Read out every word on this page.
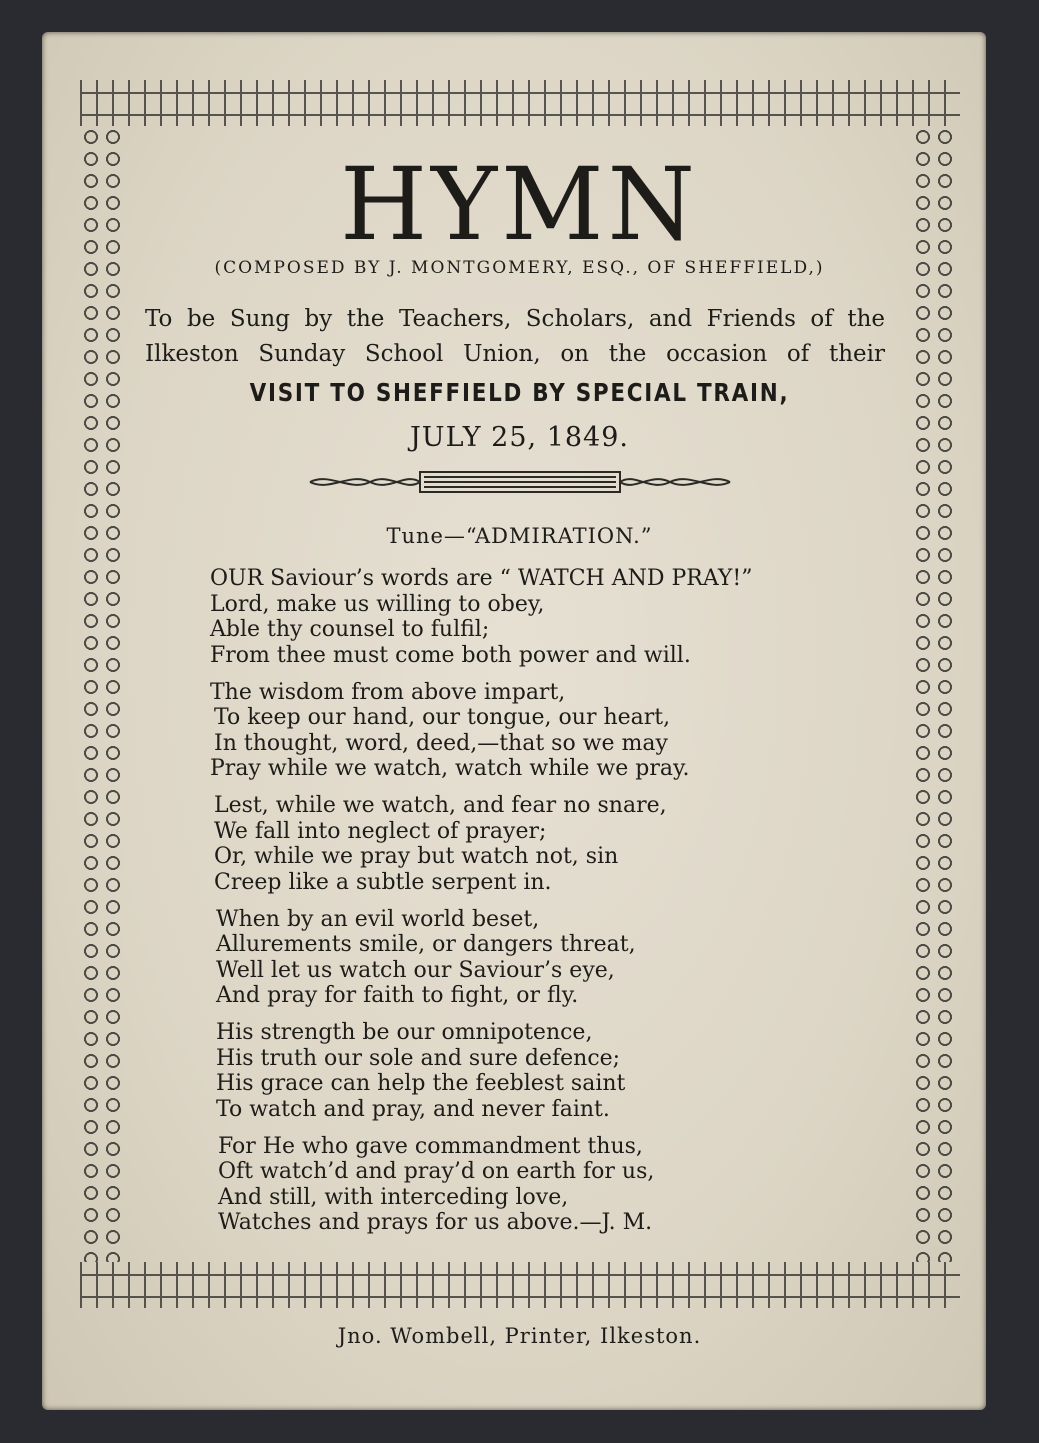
HYMN
(COMPOSED BY J. MONTGOMERY, ESQ., OF SHEFFIELD,)
To be Sung by the Teachers, Scholars, and Friends of the
Ilkeston Sunday School Union, on the occasion of their
VISIT TO SHEFFIELD BY SPECIAL TRAIN,
JULY 25, 1849.
Tune—“ADMIRATION.”
OUR Saviour’s words are “ WATCH AND PRAY!”
Lord, make us willing to obey,
Able thy counsel to fulfil;
From thee must come both power and will.
The wisdom from above impart,
To keep our hand, our tongue, our heart,
In thought, word, deed,—that so we may
Pray while we watch, watch while we pray.
Lest, while we watch, and fear no snare,
We fall into neglect of prayer;
Or, while we pray but watch not, sin
Creep like a subtle serpent in.
When by an evil world beset,
Allurements smile, or dangers threat,
Well let us watch our Saviour’s eye,
And pray for faith to fight, or fly.
His strength be our omnipotence,
His truth our sole and sure defence;
His grace can help the feeblest saint
To watch and pray, and never faint.
For He who gave commandment thus,
Oft watch’d and pray’d on earth for us,
And still, with interceding love,
Watches and prays for us above.—J. M.
Jno. Wombell, Printer, Ilkeston.
